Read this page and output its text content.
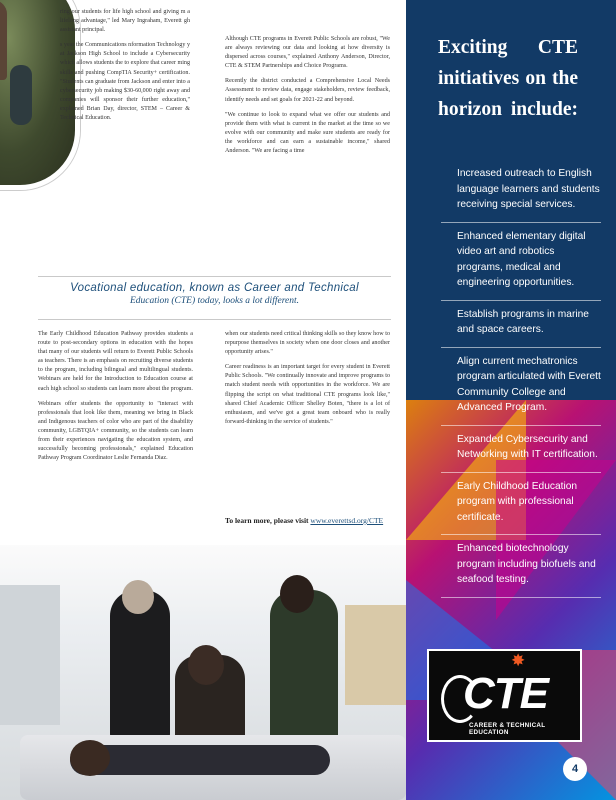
ring our students for life high school and giving m a lifelong advantage," led Mary Ingraham, Everett gh assistant principal.

s year the Communications nformation Technology y at Jackson High School to include a Cybersecurity which allows students the to explore that career ming skills and pushing CompTIA Security+ certification. "Students can graduate from Jackson and enter into a cybersecurity job making $30-60,000 right away and companies will sponsor their further education," explained Brian Day, director, STEM – Career & Technical Education.

Although CTE programs in Everett Public Schools are robust, "We are always reviewing our data and looking at how diversity is dispersed across courses," explained Anthony Anderson, Director, CTE & STEM Partnerships and Choice Programs.

Recently the district conducted a Comprehensive Local Needs Assessment to review data, engage stakeholders, review feedback, identify needs and set goals for 2021-22 and beyond.

"We continue to look to expand what we offer our students and provide them with what is current in the market at the time so we evolve with our community and make sure students are ready for the workforce and can earn a sustainable income," shared Anderson. "We are facing a time

Vocational education, known as Career and Technical
Education (CTE) today, looks a lot different.

The Early Childhood Education Pathway provides students a route to post-secondary options in education with the hopes that many of our students will return to Everett Public Schools as teachers. There is an emphasis on recruiting diverse students to the program, including bilingual and multilingual students. Webinars are held for the Introduction to Education course at each high school so students can learn more about the program.

Webinars offer students the opportunity to "interact with professionals that look like them, meaning we bring in Black and Indigenous teachers of color who are part of the disability community, LGBTQIA+ community, so the students can learn from their experiences navigating the education system, and successfully becoming professionals," explained Education Pathway Program Coordinator Leslie Fernanda Diaz.

when our students need critical thinking skills so they know how to repurpose themselves in society when one door closes and another opportunity arises."

Career readiness is an important target for every student in Everett Public Schools. "We continually innovate and improve programs to match student needs with opportunities in the workforce. We are flipping the script on what traditional CTE programs look like," shared Chief Academic Officer Shelley Boten, "there is a lot of enthusiasm, and we've got a great team onboard who is really forward-thinking in the service of students."

To learn more, please visit www.everettsd.org/CTE
Exciting CTE initiatives on the horizon include:
Increased outreach to English language learners and students receiving special services.
Enhanced elementary digital video art and robotics programs, medical and engineering opportunities.
Establish programs in marine and space careers.
Align current mechatronics program articulated with Everett Community College and Advanced Program.
Expanded Cybersecurity and Networking with IT certification.
Early Childhood Education program with professional certificate.
Enhanced biotechnology program including biofuels and seafood testing.
✸
CTE
CAREER & TECHNICAL EDUCATION
4
